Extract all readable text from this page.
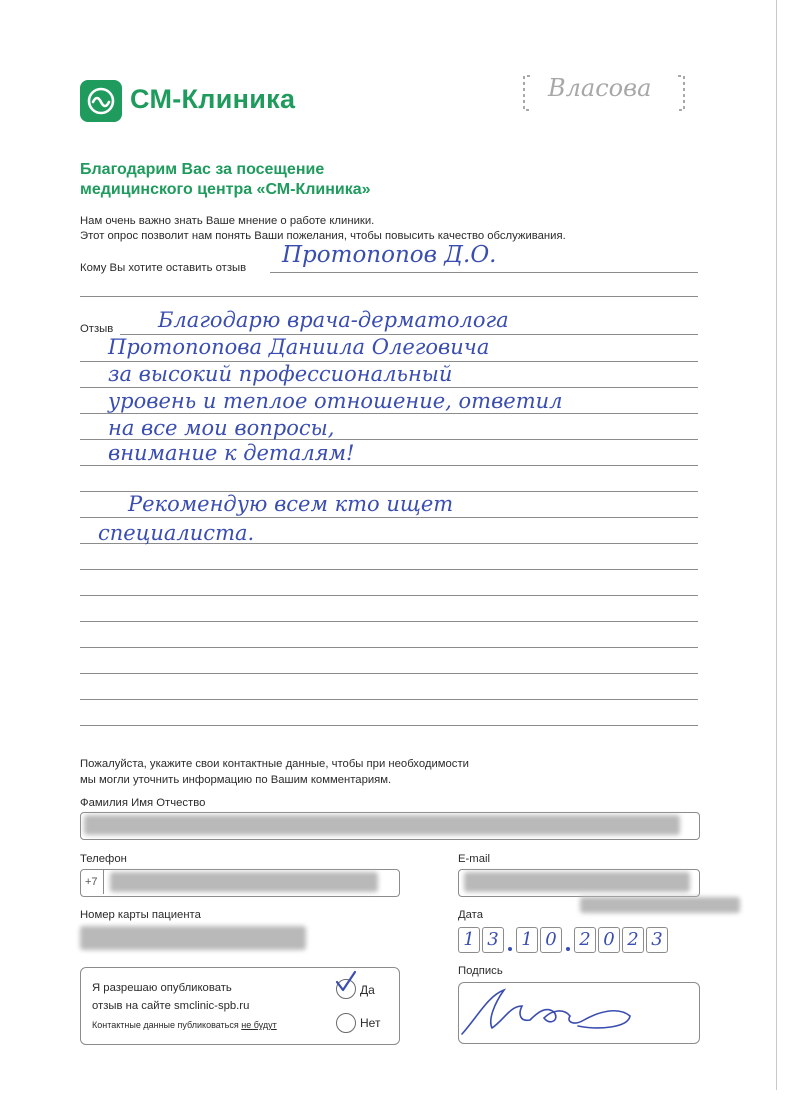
СМ-Клиника	Власова
Благодарим Вас за посещение
медицинского центра «СМ-Клиника»
Нам очень важно знать Ваше мнение о работе клиники.
Этот опрос позволит нам понять Ваши пожелания, чтобы повысить качество обслуживания.
Кому Вы хотите оставить отзыв Протопопов Д.О.
Отзыв Благодарю врача-дерматолога
Протопопова Даниила Олеговича
за высокий профессиональный
уровень и теплое отношение, ответил
на все мои вопросы,
внимание к деталям!
Рекомендую всем кто ищет
специалиста.
Пожалуйста, укажите свои контактные данные, чтобы при необходимости
мы могли уточнить информацию по Вашим комментариям.
Фамилия Имя Отчество
Телефон
+7
E-mail
Номер карты пациента	Дата
1 3 1 0 2 0 2 3
Я разрешаю опубликовать
отзыв на сайте smclinic-spb.ru
Контактные данные публиковаться не будут
Да
Нет
Подпись
